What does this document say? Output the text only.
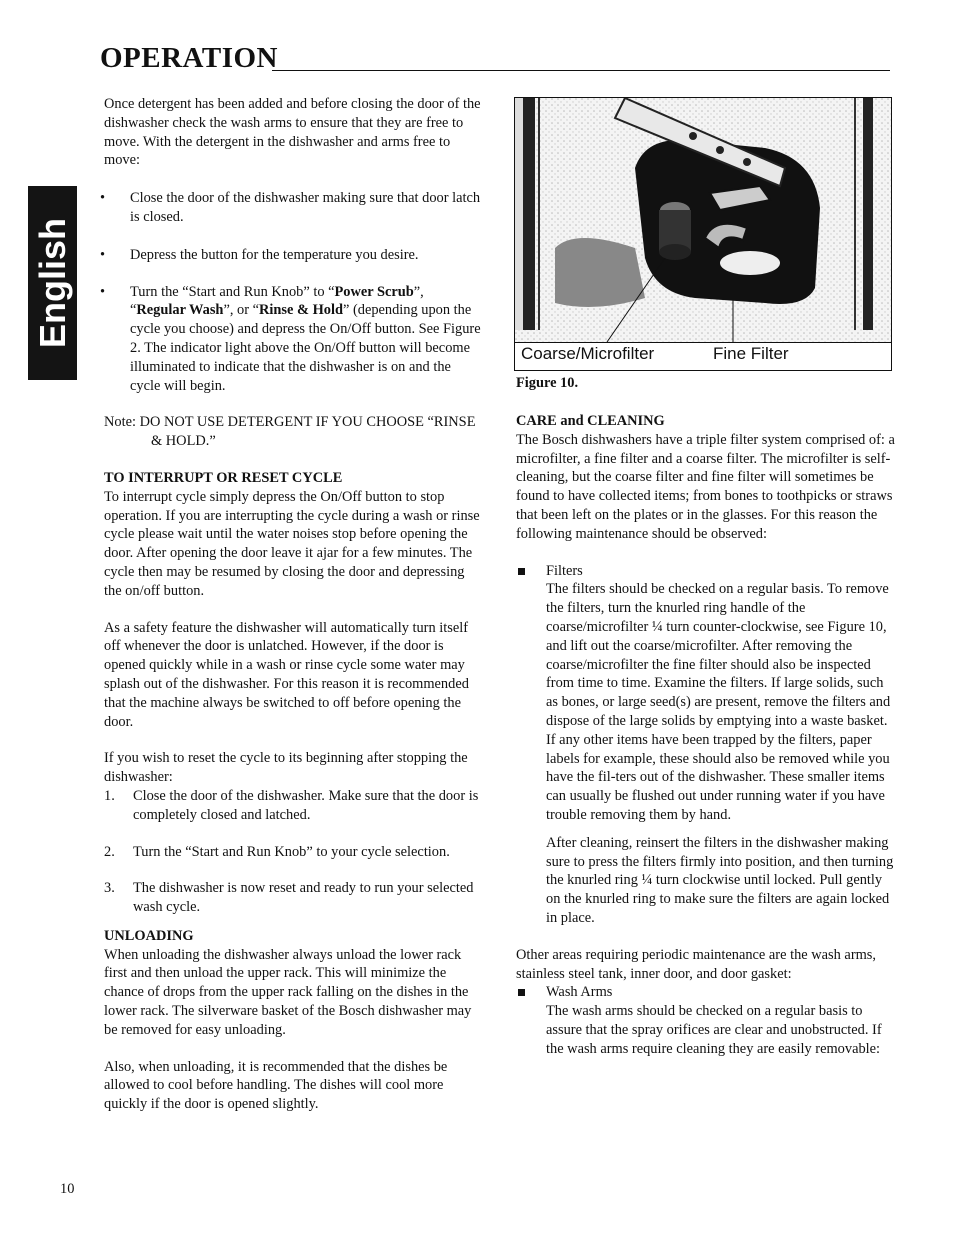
OPERATION
English

Once detergent has been added and before closing the door of the dishwasher check the wash arms to ensure that they are free to move. With the detergent in the dishwasher and arms free to move:

• Close the door of the dishwasher making sure that door latch is closed.
• Depress the button for the temperature you desire.
• Turn the “Start and Run Knob” to “Power Scrub”, “Regular Wash”, or “Rinse & Hold” (depending upon the cycle you choose) and depress the On/Off button. See Figure 2. The indicator light above the On/Off button will become illuminated to indicate that the dishwasher is on and the cycle will begin.

Note: DO NOT USE DETERGENT IF YOU CHOOSE “RINSE & HOLD.”

TO INTERRUPT OR RESET CYCLE

To interrupt cycle simply depress the On/Off button to stop operation. If you are interrupting the cycle during a wash or rinse cycle please wait until the water noises stop before opening the door. After opening the door leave it ajar for a few minutes. The cycle then may be resumed by closing the door and depressing the on/off button.

As a safety feature the dishwasher will automatically turn itself off whenever the door is unlatched. However, if the door is opened quickly while in a wash or rinse cycle some water may splash out of the dishwasher. For this reason it is recommended that the machine always be switched to off before opening the door.

If you wish to reset the cycle to its beginning after stopping the dishwasher:

1. Close the door of the dishwasher. Make sure that the door is completely closed and latched.
2. Turn the “Start and Run Knob” to your cycle selection.
3. The dishwasher is now reset and ready to run your selected wash cycle.
UNLOADING

When unloading the dishwasher always unload the lower rack first and then unload the upper rack. This will minimize the chance of drops from the upper rack falling on the dishes in the lower rack. The silverware basket of the Bosch dishwasher may be removed for easy unloading.

Also, when unloading, it is recommended that the dishes be allowed to cool before handling. The dishes will cool more quickly if the door is opened slightly.

Coarse/Microfilter	Fine Filter
Figure 10.
CARE and CLEANING

The Bosch dishwashers have a triple filter system comprised of: a microfilter, a fine filter and a coarse filter. The microfilter is self-cleaning, but the coarse filter and fine filter will sometimes be found to have collected items; from bones to toothpicks or straws that been left on the plates or in the glasses. For this reason the following maintenance should be observed:

Filters

The filters should be checked on a regular basis. To remove the filters, turn the knurled ring handle of the coarse/microfilter ¼ turn counter-clockwise, see Figure 10, and lift out the coarse/microfilter. After removing the coarse/microfilter the fine filter should also be inspected from time to time. Examine the filters. If large solids, such as bones, or large seed(s) are present, remove the filters and dispose of the large solids by emptying into a waste basket. If any other items have been trapped by the filters, paper labels for example, these should also be removed while you have the fil-ters out of the dishwasher. These smaller items can usually be flushed out under running water if you have trouble removing them by hand.

After cleaning, reinsert the filters in the dishwasher making sure to press the filters firmly into position, and then turning the knurled ring ¼ turn clockwise until locked. Pull gently on the knurled ring to make sure the filters are again locked in place.

Other areas requiring periodic maintenance are the wash arms, stainless steel tank, inner door, and door gasket:

Wash Arms

The wash arms should be checked on a regular basis to assure that the spray orifices are clear and unobstructed. If the wash arms require cleaning they are easily removable:

10
